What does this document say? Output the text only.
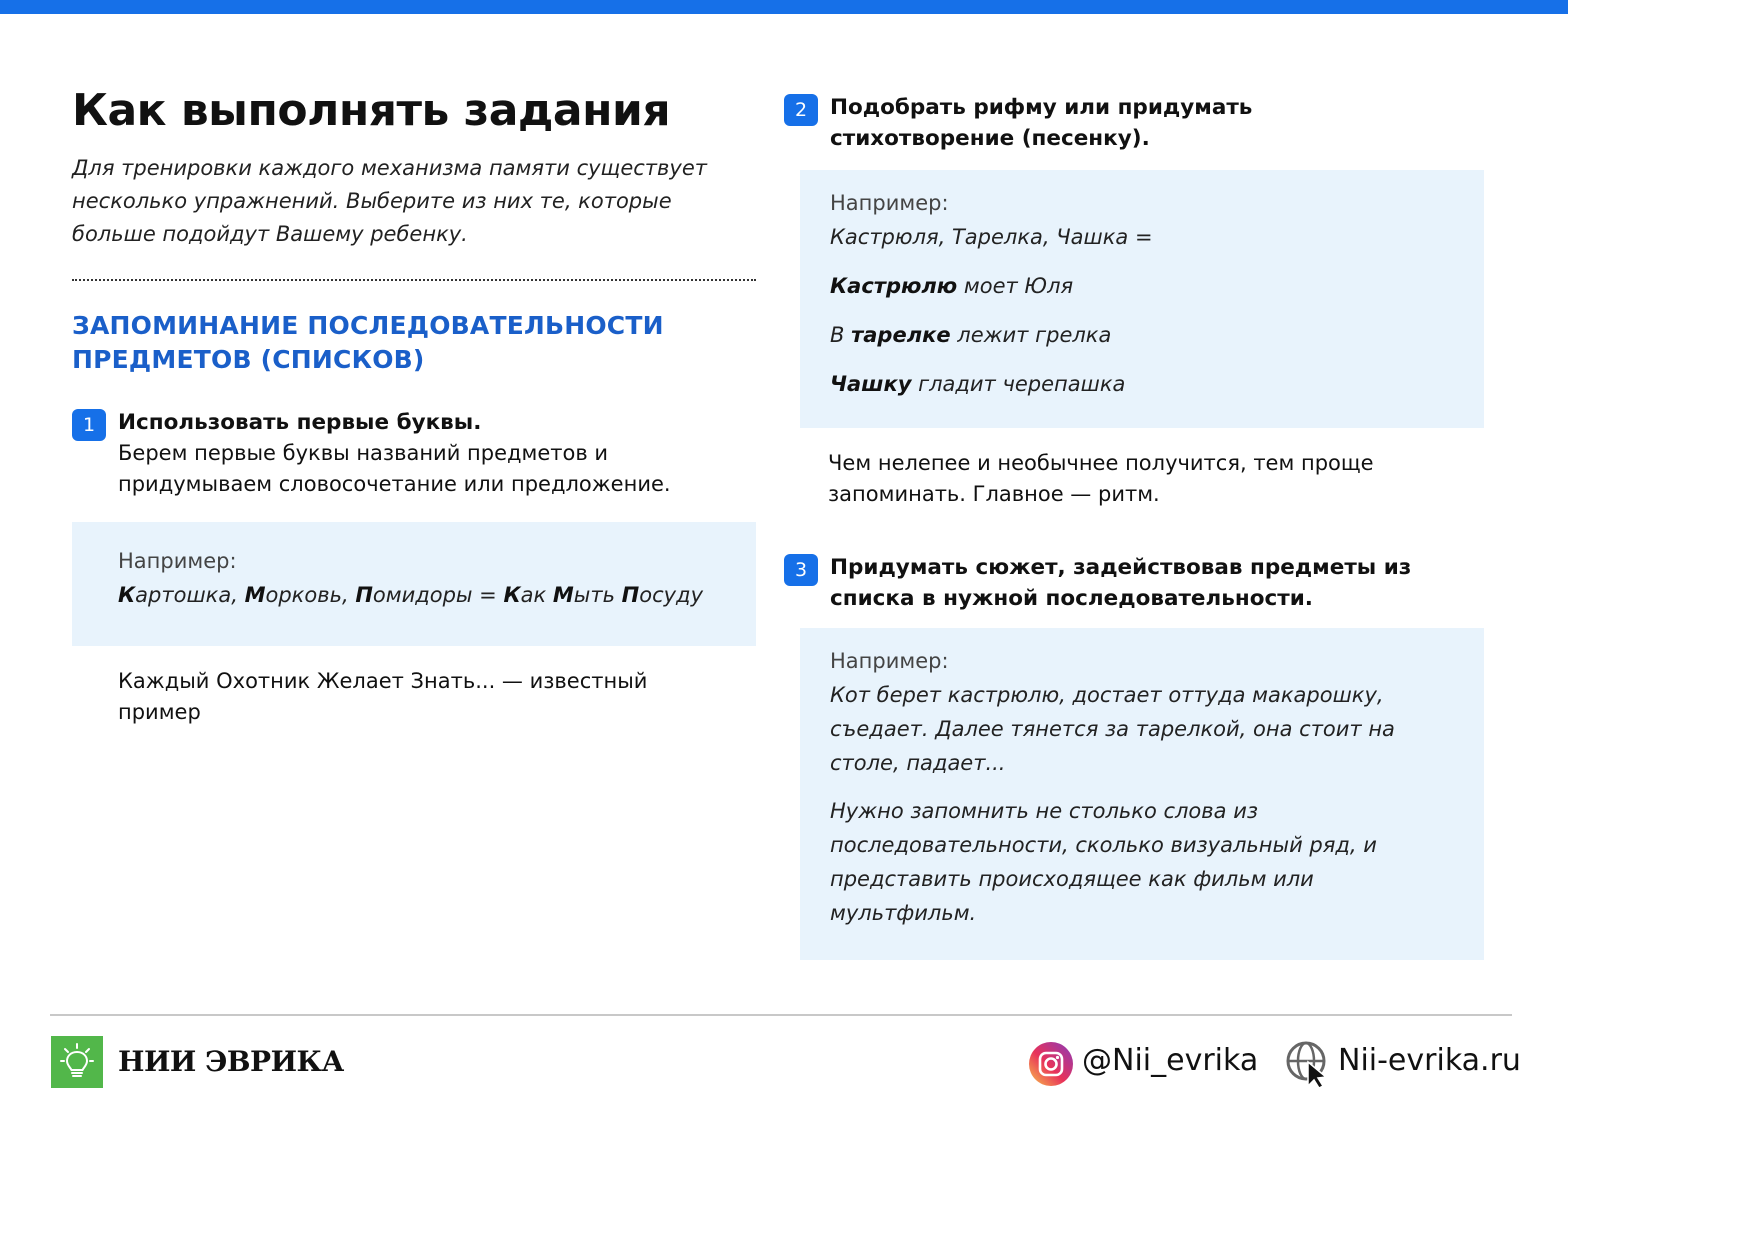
Как выполнять задания

Для тренировки каждого механизма памяти существует несколько упражнений. Выберите из них те, которые больше подойдут Вашему ребенку.

ЗАПОМИНАНИЕ ПОСЛЕДОВАТЕЛЬНОСТИ
ПРЕДМЕТОВ (СПИСКОВ)
1	Использовать первые буквы.
Берем первые буквы названий предметов и придумываем словосочетание или предложение.
Например:
Картошка, Морковь, Помидоры = Как Мыть Посуду
Каждый Охотник Желает Знать... — известный пример
2	Подобрать рифму или придумать стихотворение (песенку).
Например:
Кастрюля, Тарелка, Чашка =
Кастрюлю моет Юля
В тарелке лежит грелка
Чашку гладит черепашка
Чем нелепее и необычнее получится, тем проще запоминать. Главное — ритм.
3	Придумать сюжет, задействовав предметы из списка в нужной последовательности.
Например:
Кот берет кастрюлю, достает оттуда макарошку, съедает. Далее тянется за тарелкой, она стоит на столе, падает...
Нужно запомнить не столько слова из последовательности, сколько визуальный ряд, и представить происходящее как фильм или мультфильм.
НИИ ЭВРИКА	@Nii_evrika	Nii-evrika.ru
